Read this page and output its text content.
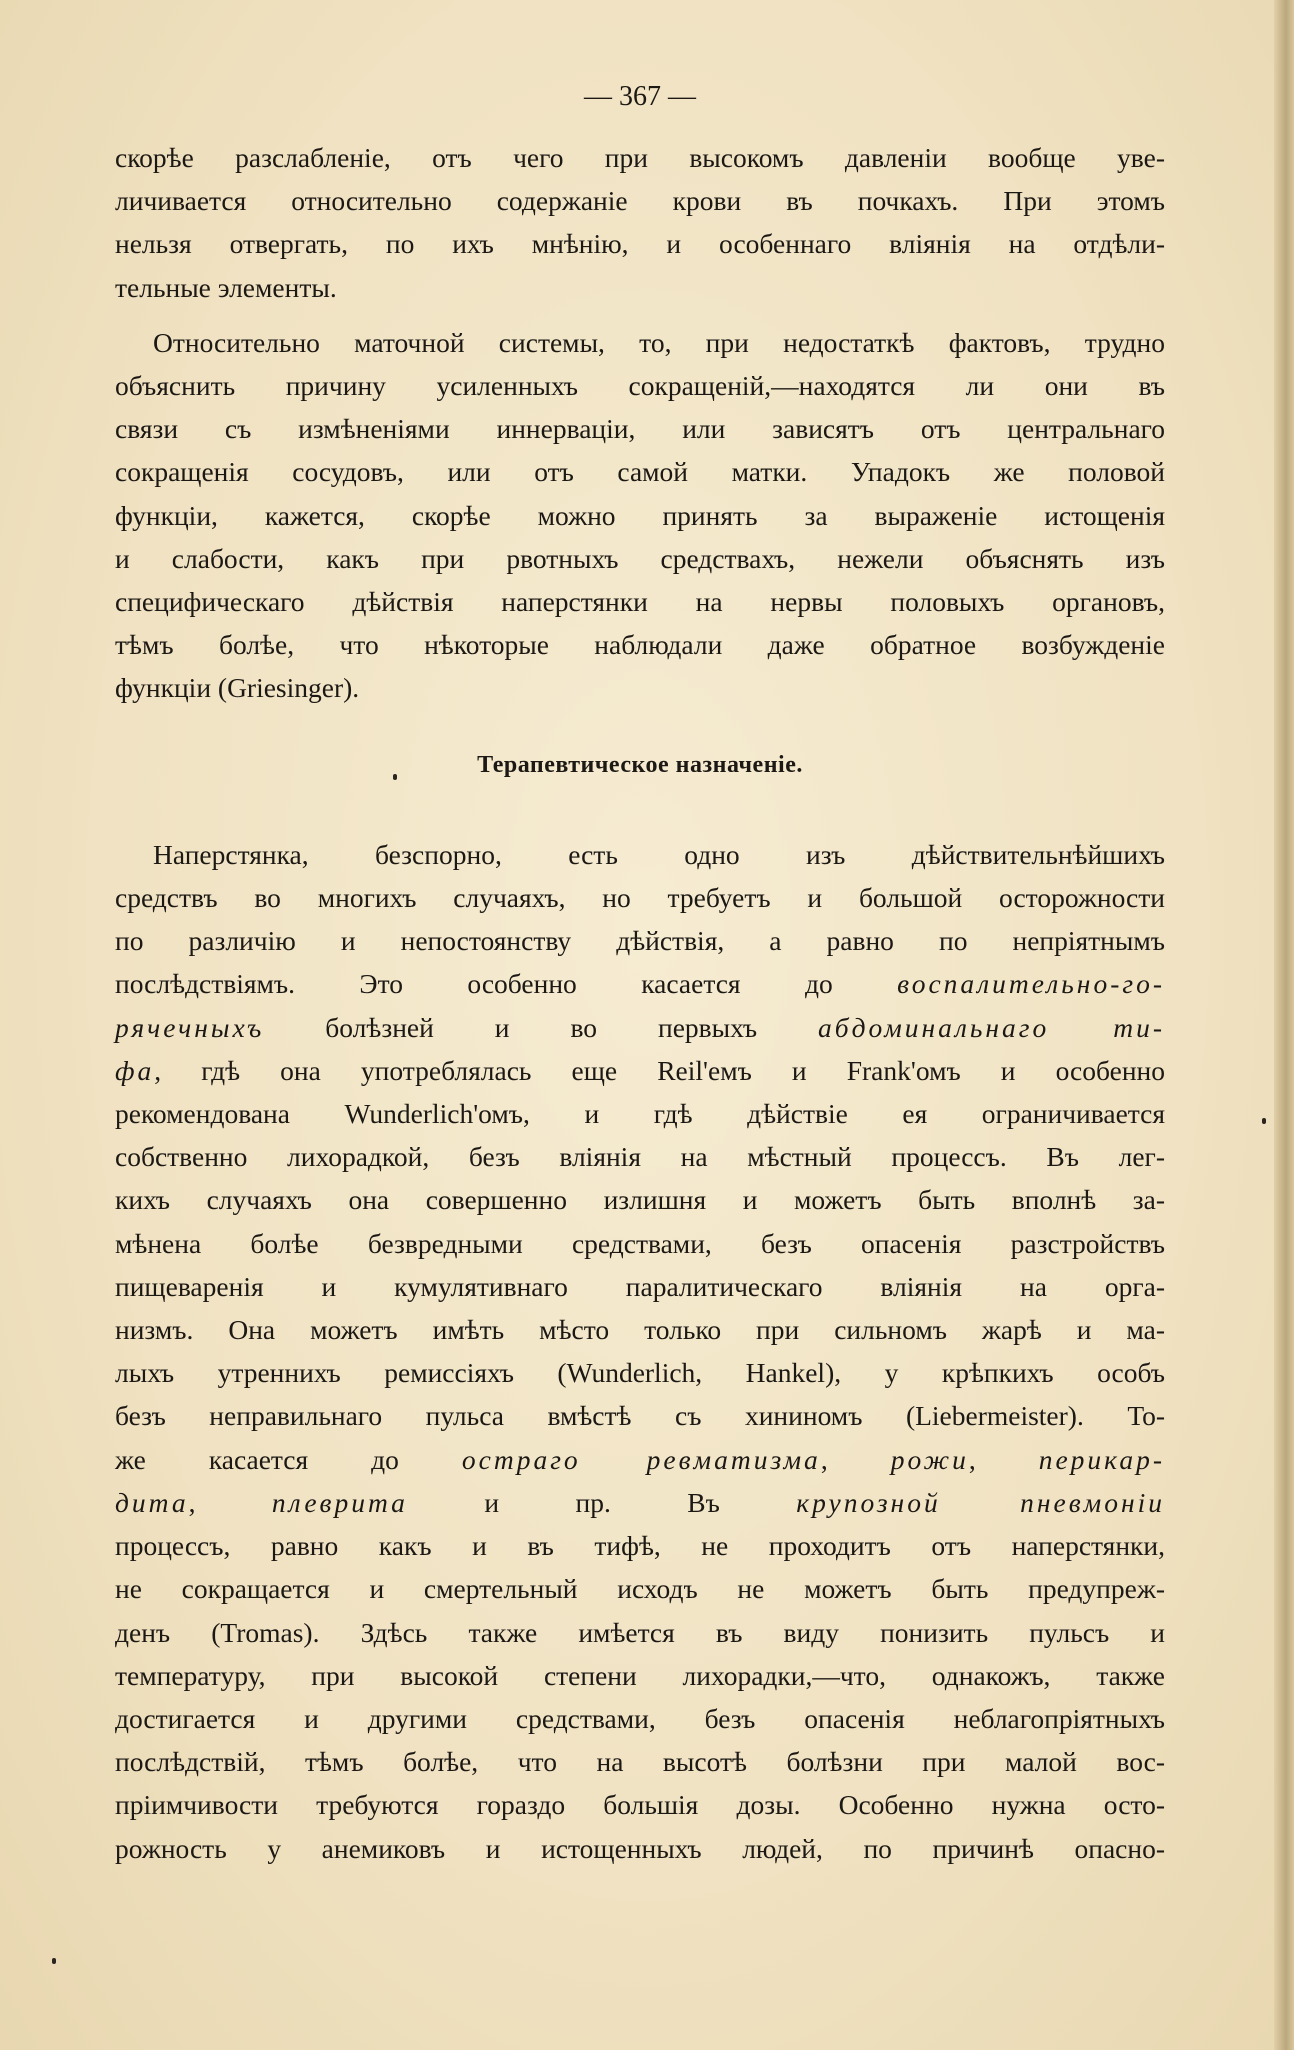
— 367 —
скорѣе разслабленіе, отъ чего при высокомъ давленіи вообще уве-
личивается относительно содержаніе крови въ почкахъ. При этомъ
нельзя отвергать, по ихъ мнѣнію, и особеннаго вліянія на отдѣли-
тельные элементы.
Относительно маточной системы, то, при недостаткѣ фактовъ, трудно
объяснить причину усиленныхъ сокращеній,—находятся ли они въ
связи съ измѣненіями иннерваціи, или зависятъ отъ центральнаго
сокращенія сосудовъ, или отъ самой матки. Упадокъ же половой
функціи, кажется, скорѣе можно принять за выраженіе истощенія
и слабости, какъ при рвотныхъ средствахъ, нежели объяснять изъ
специфическаго дѣйствія наперстянки на нервы половыхъ органовъ,
тѣмъ болѣе, что нѣкоторые наблюдали даже обратное возбужденіе
функціи (Griesinger).
Терапевтическое назначеніе.
Наперстянка, безспорно, есть одно изъ дѣйствительнѣйшихъ
средствъ во многихъ случаяхъ, но требуетъ и большой осторожности
по различію и непостоянству дѣйствія, а равно по непріятнымъ
послѣдствіямъ. Это особенно касается до воспалительно-го-
рячечныхъ болѣзней и во первыхъ абдоминальнаго ти-
фа, гдѣ она употреблялась еще Reil'емъ и Frank'омъ и особенно
рекомендована Wunderlich'омъ, и гдѣ дѣйствіе ея ограничивается
собственно лихорадкой, безъ вліянія на мѣстный процессъ. Въ лег-
кихъ случаяхъ она совершенно излишня и можетъ быть вполнѣ за-
мѣнена болѣе безвредными средствами, безъ опасенія разстройствъ
пищеваренія и кумулятивнаго паралитическаго вліянія на орга-
низмъ. Она можетъ имѣть мѣсто только при сильномъ жарѣ и ма-
лыхъ утреннихъ ремиссіяхъ (Wunderlich, Hankel), у крѣпкихъ особъ
безъ неправильнаго пульса вмѣстѣ съ хининомъ (Liebermeister). То-
же касается до остраго ревматизма, рожи, перикар-
дита, плеврита и пр. Въ крупозной пневмоніи
процессъ, равно какъ и въ тифѣ, не проходитъ отъ наперстянки,
не сокращается и смертельный исходъ не можетъ быть предупреж-
денъ (Tromas). Здѣсь также имѣется въ виду понизить пульсъ и
температуру, при высокой степени лихорадки,—что, однакожъ, также
достигается и другими средствами, безъ опасенія неблагопріятныхъ
послѣдствій, тѣмъ болѣе, что на высотѣ болѣзни при малой вос-
пріимчивости требуются гораздо большія дозы. Особенно нужна осто-
рожность у анемиковъ и истощенныхъ людей, по причинѣ опасно-
